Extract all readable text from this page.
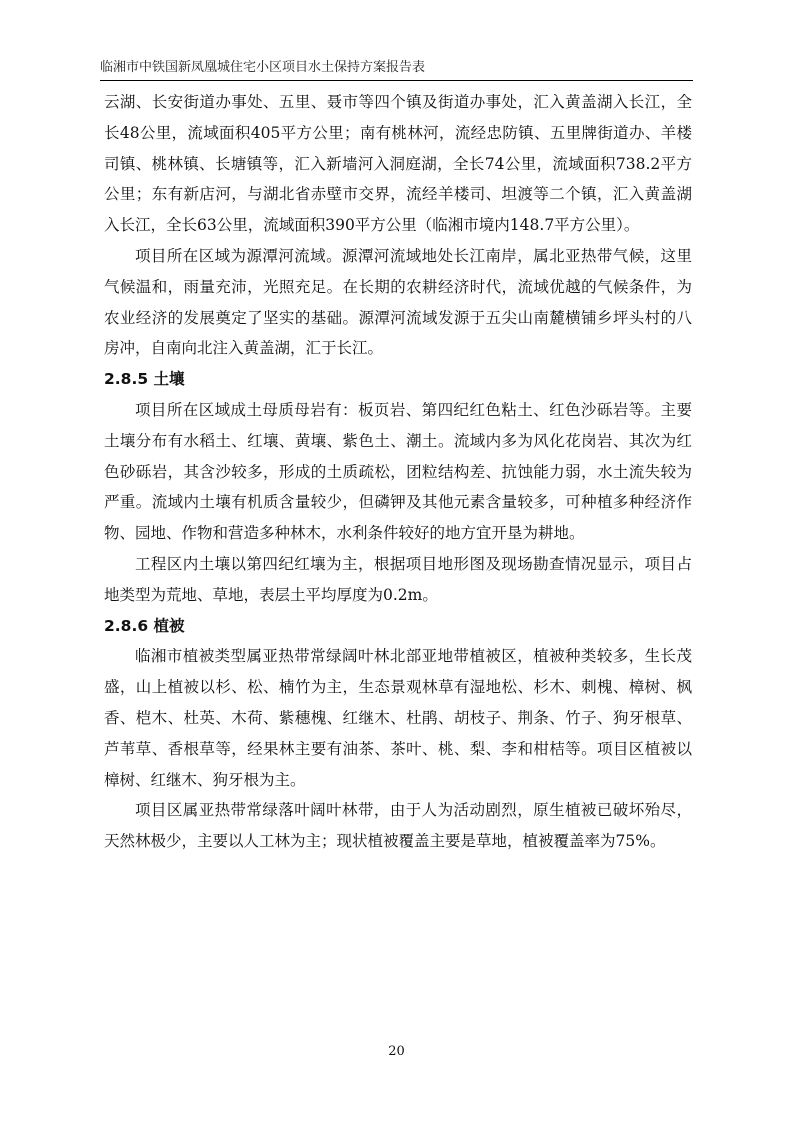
临湘市中铁国新凤凰城住宅小区项目水土保持方案报告表

云湖、长安街道办事处、五里、聂市等四个镇及街道办事处，汇入黄盖湖入长江，全长48公里，流域面积405平方公里；南有桃林河，流经忠防镇、五里牌街道办、羊楼司镇、桃林镇、长塘镇等，汇入新墙河入洞庭湖，全长74公里，流域面积738.2平方公里；东有新店河，与湖北省赤壁市交界，流经羊楼司、坦渡等二个镇，汇入黄盖湖入长江，全长63公里，流域面积390平方公里（临湘市境内148.7平方公里）。

项目所在区域为源潭河流域。源潭河流域地处长江南岸，属北亚热带气候，这里气候温和，雨量充沛，光照充足。在长期的农耕经济时代，流域优越的气候条件，为农业经济的发展奠定了坚实的基础。源潭河流域发源于五尖山南麓横铺乡坪头村的八房冲，自南向北注入黄盖湖，汇于长江。

2.8.5 土壤

项目所在区域成土母质母岩有：板页岩、第四纪红色粘土、红色沙砾岩等。主要土壤分布有水稻土、红壤、黄壤、紫色土、潮土。流域内多为风化花岗岩、其次为红色砂砾岩，其含沙较多，形成的土质疏松，团粒结构差、抗蚀能力弱，水土流失较为严重。流域内土壤有机质含量较少，但磷钾及其他元素含量较多，可种植多种经济作物、园地、作物和营造多种林木，水利条件较好的地方宜开垦为耕地。

工程区内土壤以第四纪红壤为主，根据项目地形图及现场勘查情况显示，项目占地类型为荒地、草地，表层土平均厚度为0.2m。

2.8.6 植被

临湘市植被类型属亚热带常绿阔叶林北部亚地带植被区，植被种类较多，生长茂盛，山上植被以杉、松、楠竹为主，生态景观林草有湿地松、杉木、刺槐、樟树、枫香、桤木、杜英、木荷、紫穗槐、红继木、杜鹃、胡枝子、荆条、竹子、狗牙根草、芦苇草、香根草等，经果林主要有油茶、茶叶、桃、梨、李和柑桔等。项目区植被以樟树、红继木、狗牙根为主。

项目区属亚热带常绿落叶阔叶林带，由于人为活动剧烈，原生植被已破坏殆尽，天然林极少，主要以人工林为主；现状植被覆盖主要是草地，植被覆盖率为75%。

20
